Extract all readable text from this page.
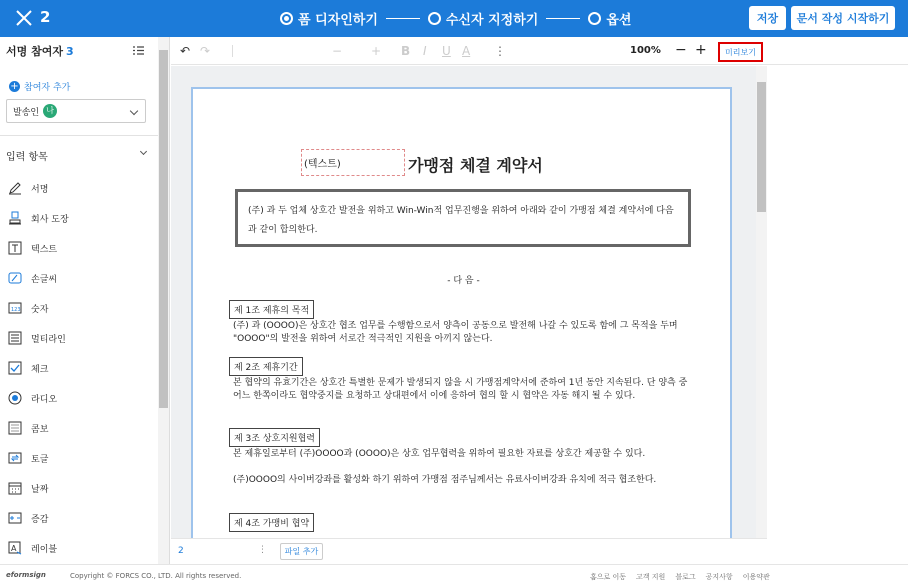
2	폼 디자인하기	수신자 지정하기	옵션	저장	문서 작성 시작하기
서명 참여자 3
+ 참여자 추가
발송인 나
입력 항목
서명
회사 도장
텍스트
손글씨
123 숫자
멀티라인
체크
라디오
콤보
토글
날짜
증감
A 레이블
↶ ↷	− + B I U A ⋮	100% − +	미리보기
(텍스트)	가맹점 체결 계약서
(주) 과 두 업체 상호간 발전을 위하고 Win-Win적 업무진행을 위하여 아래와 같이 가맹점 체결 계약서에 다음과 같이 합의한다.
- 다 음 -
제 1조 제휴의 목적
(주) 과 (OOOO)은 상호간 협조 업무를 수행함으로서 양측이 공동으로 발전해 나갈 수 있도록 함에 그 목적을 두며 "OOOO"의 발전을 위하여 서로간 적극적인 지원을 아끼지 않는다.
제 2조 제휴기간
본 협약의 유효기간은 상호간 특별한 문제가 발생되지 않을 시 가맹점계약서에 준하여 1년 동안 지속된다. 단 양측 중 어느 한쪽이라도 협약중지를 요청하고 상대편에서 이에 응하여 협의 할 시 협약은 자동 해지 될 수 있다.
제 3조 상호지원협력
본 제휴일로부터 (주)OOOO과 (OOOO)은 상호 업무협력을 위하여 필요한 자료를 상호간 제공할 수 있다.
(주)OOOO의 사이버강좌를 활성화 하기 위하여 가맹점 점주님께서는 유료사이버강좌 유치에 적극 협조한다.
제 4조 가맹비 협약
2	⋮	파일 추가
eformsign	Copyright © FORCS CO., LTD. All rights reserved.	홈으로 이동 고객 지원 블로그 공지사항 이용약관
